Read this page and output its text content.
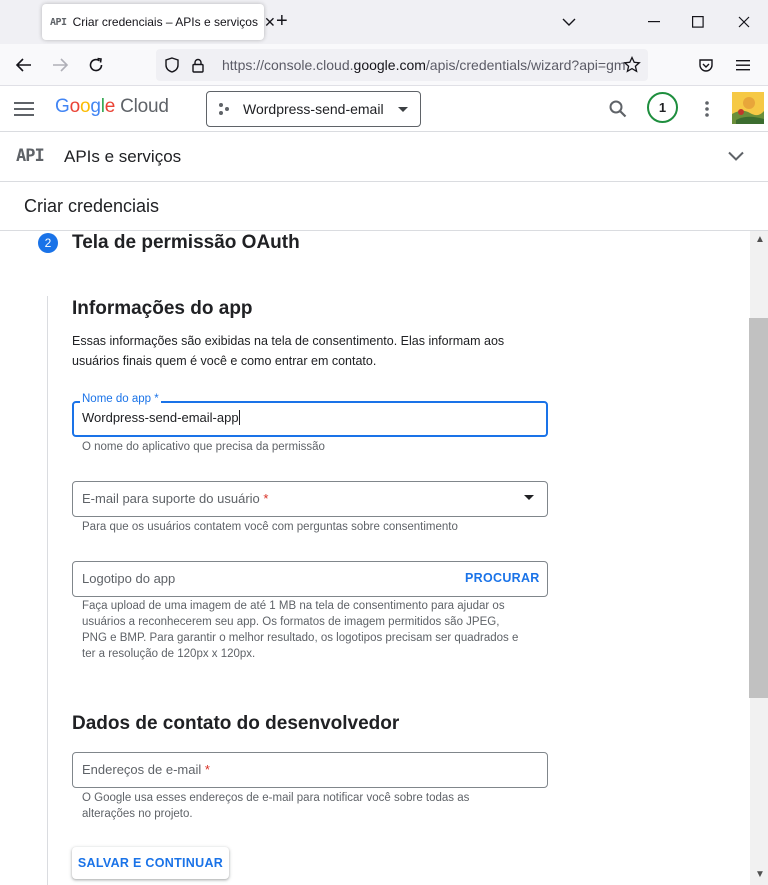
API Criar credenciais – APIs e serviços ✕ +
https://console.cloud.google.com/apis/credentials/wizard?api=gm
Google Cloud	Wordpress-send-email	1
API APIs e serviços
Criar credenciais
2	Tela de permissão OAuth
Informações do app
Essas informações são exibidas na tela de consentimento. Elas informam aos usuários finais quem é você e como entrar em contato.
Nome do app *
Wordpress-send-email-app
O nome do aplicativo que precisa da permissão
E-mail para suporte do usuário *
Para que os usuários contatem você com perguntas sobre consentimento
Logotipo do app	PROCURAR
Faça upload de uma imagem de até 1 MB na tela de consentimento para ajudar os usuários a reconhecerem seu app. Os formatos de imagem permitidos são JPEG, PNG e BMP. Para garantir o melhor resultado, os logotipos precisam ser quadrados e ter a resolução de 120px x 120px.
Dados de contato do desenvolvedor
Endereços de e-mail *
O Google usa esses endereços de e-mail para notificar você sobre todas as alterações no projeto.
SALVAR E CONTINUAR
▲
▼
